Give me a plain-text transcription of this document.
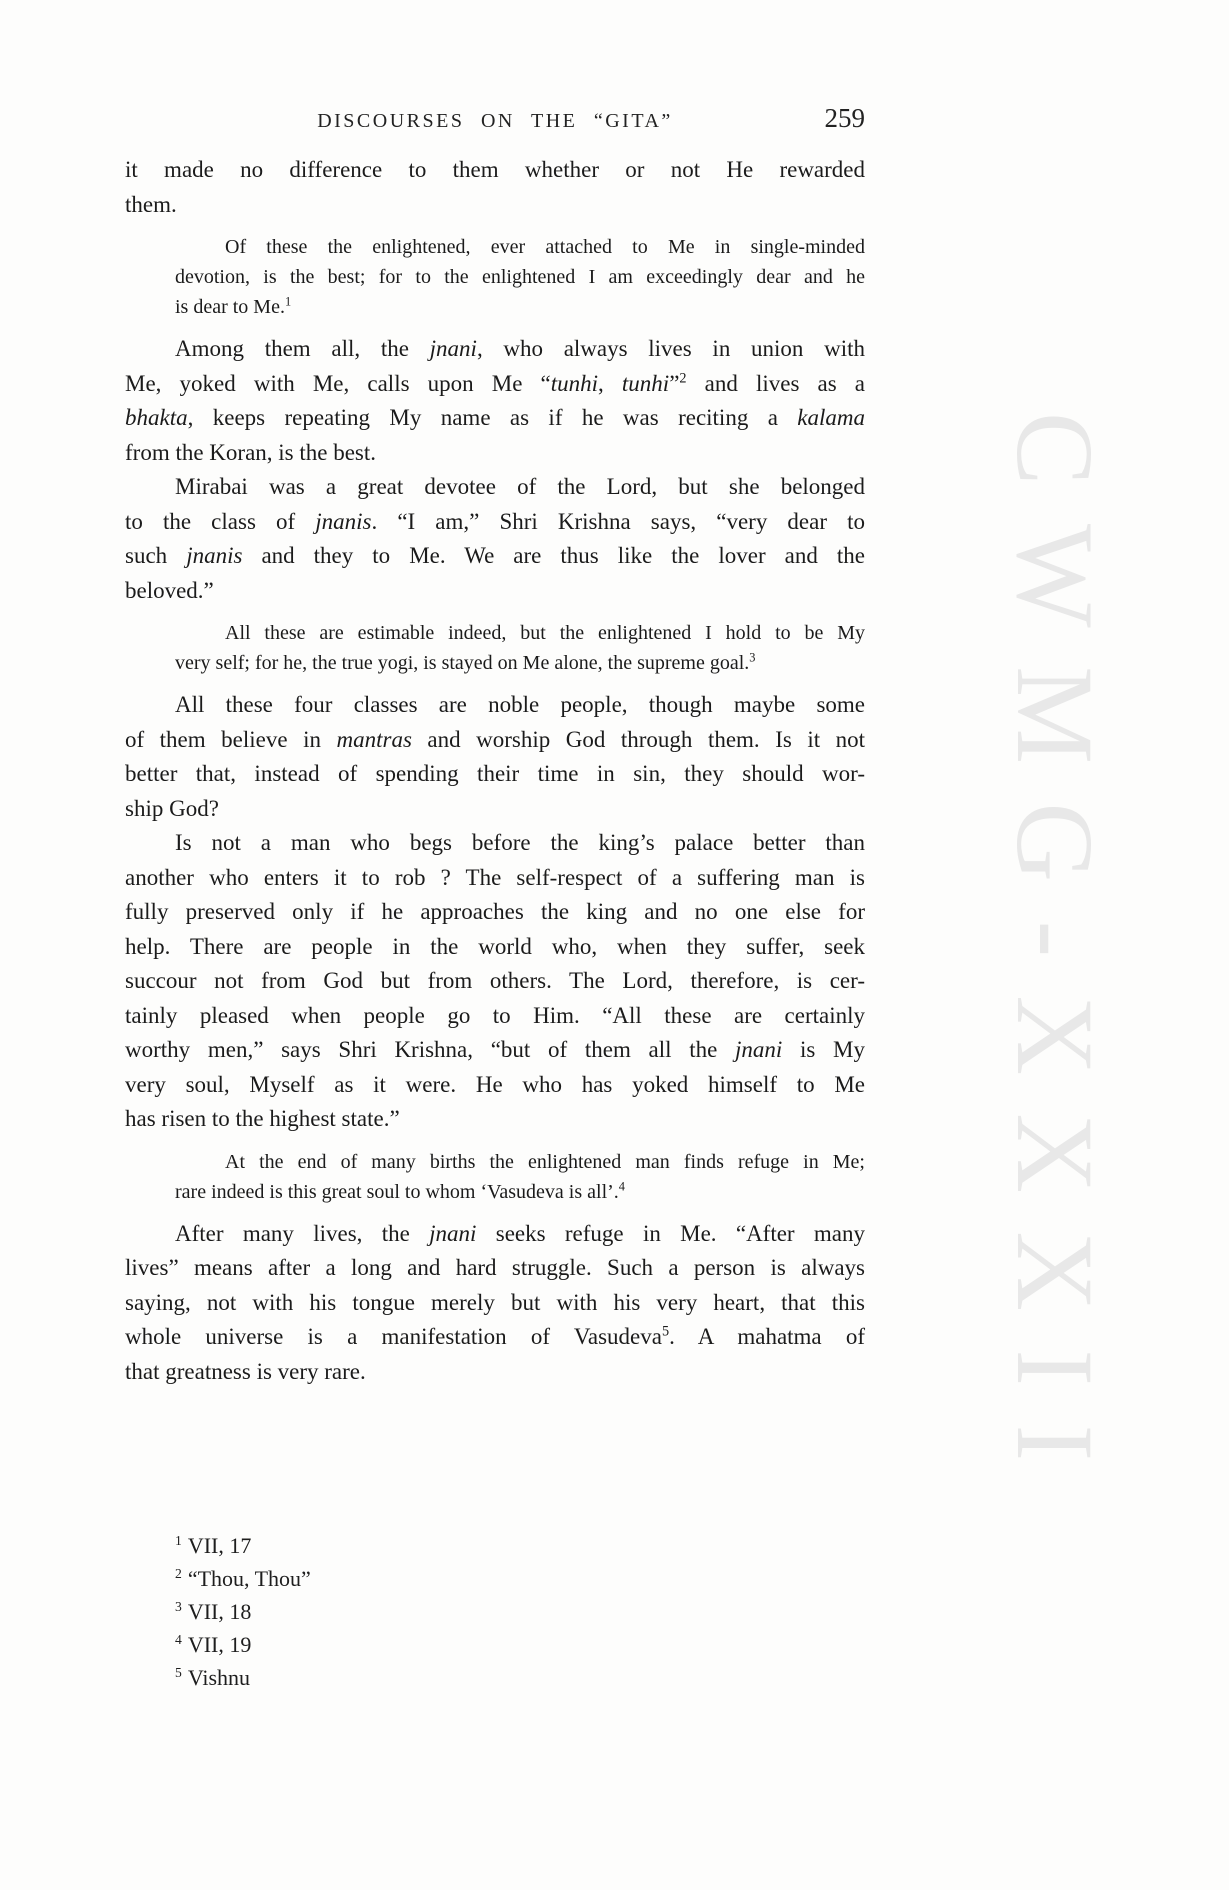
CWMG-XXXII
DISCOURSES ON THE “GITA”	259
it made no difference to them whether or not He rewarded
them.
Of these the enlightened, ever attached to Me in single-minded
devotion, is the best; for to the enlightened I am exceedingly dear and he
is dear to Me.$^1$
Among them all, the jnani, who always lives in union with
Me, yoked with Me, calls upon Me “tunhi, tunhi”$^2$ and lives as a
bhakta, keeps repeating My name as if he was reciting a kalama
from the Koran, is the best.
Mirabai was a great devotee of the Lord, but she belonged
to the class of jnanis. “I am,” Shri Krishna says, “very dear to
such jnanis and they to Me. We are thus like the lover and the
beloved.”
All these are estimable indeed, but the enlightened I hold to be My
very self; for he, the true yogi, is stayed on Me alone, the supreme goal.$^3$
All these four classes are noble people, though maybe some
of them believe in mantras and worship God through them. Is it not
better that, instead of spending their time in sin, they should wor-
ship God?
Is not a man who begs before the king’s palace better than
another who enters it to rob ? The self-respect of a suffering man is
fully preserved only if he approaches the king and no one else for
help. There are people in the world who, when they suffer, seek
succour not from God but from others. The Lord, therefore, is cer-
tainly pleased when people go to Him. “All these are certainly
worthy men,” says Shri Krishna, “but of them all the jnani is My
very soul, Myself as it were. He who has yoked himself to Me
has risen to the highest state.”
At the end of many births the enlightened man finds refuge in Me;
rare indeed is this great soul to whom ‘Vasudeva is all’.$^4$
After many lives, the jnani seeks refuge in Me. “After many
lives” means after a long and hard struggle. Such a person is always
saying, not with his tongue merely but with his very heart, that this
whole universe is a manifestation of Vasudeva$^5$. A mahatma of
that greatness is very rare.
$^1$ VII, 17
$^2$ “Thou, Thou”
$^3$ VII, 18
$^4$ VII, 19
$^5$ Vishnu
